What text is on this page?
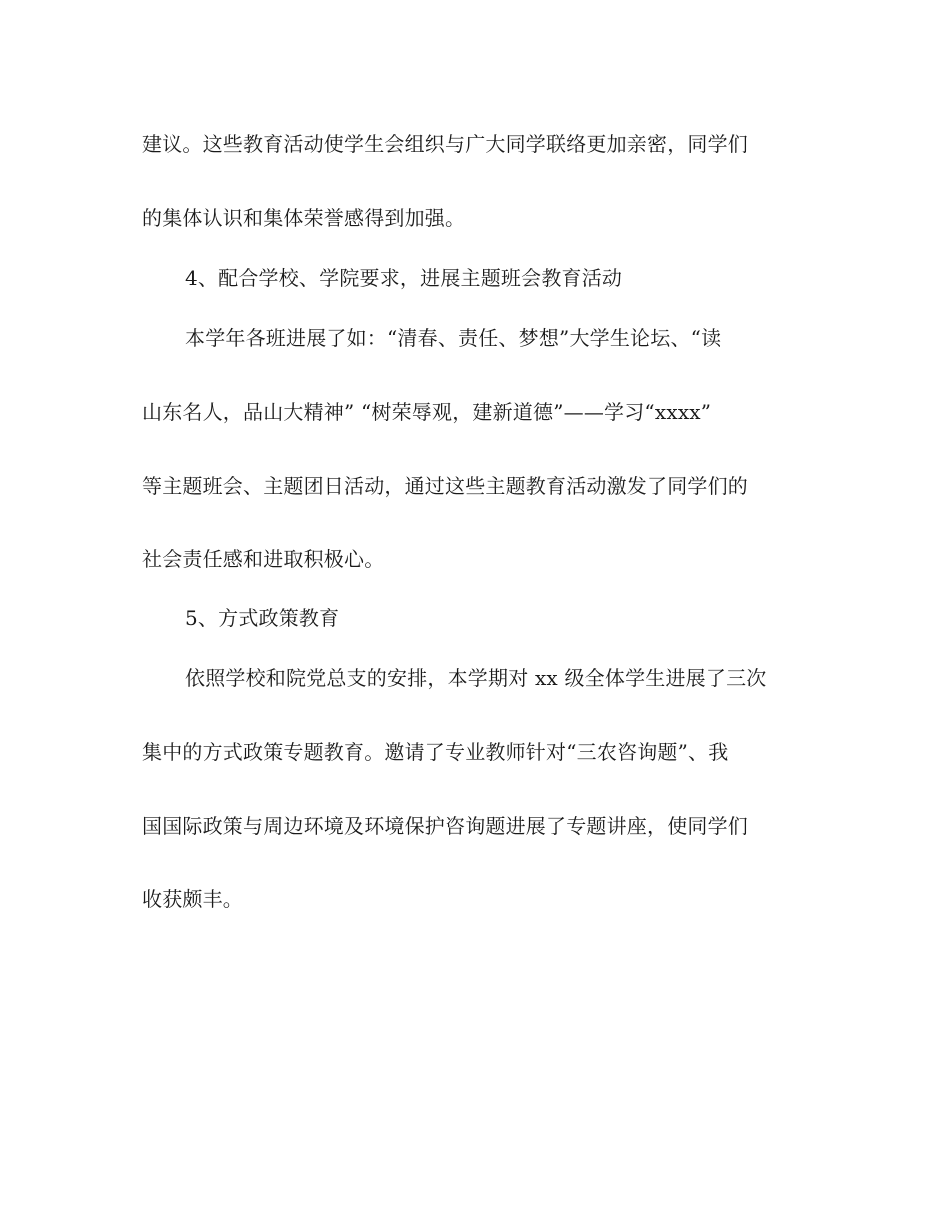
建议。这些教育活动使学生会组织与广大同学联络更加亲密，同学们
的集体认识和集体荣誉感得到加强。
4、配合学校、学院要求，进展主题班会教育活动
本学年各班进展了如：“清春、责任、梦想”大学生论坛、“读
山东名人，品山大精神” “树荣辱观，建新道德”——学习“xxxx”
等主题班会、主题团日活动，通过这些主题教育活动激发了同学们的
社会责任感和进取积极心。
5、方式政策教育
依照学校和院党总支的安排，本学期对 xx 级全体学生进展了三次
集中的方式政策专题教育。邀请了专业教师针对“三农咨询题”、我
国国际政策与周边环境及环境保护咨询题进展了专题讲座，使同学们
收获颇丰。
